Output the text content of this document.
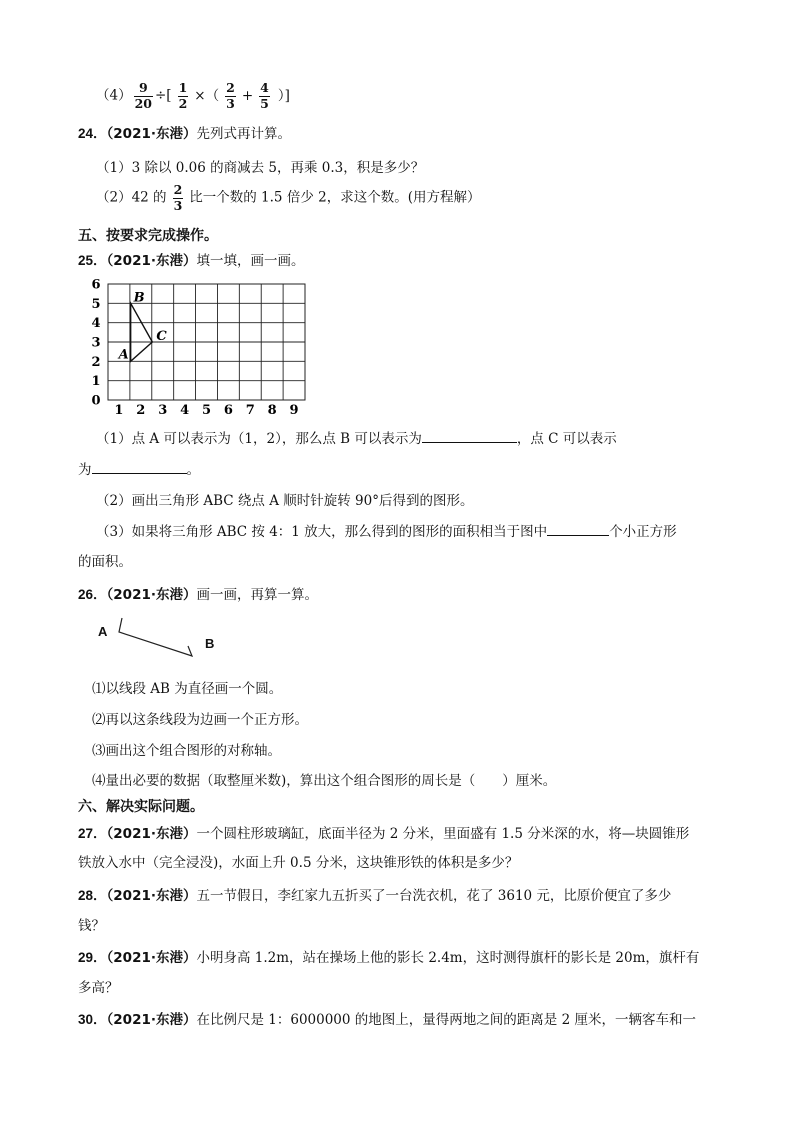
$(4) \frac{9}{20}$ ÷[ $\frac{1}{2}$ ×（ $\frac{2}{3} + \frac{4}{5}$ ）]
24．（2021·东港）先列式再计算。
（1）3 除以 0.06 的商减去 5，再乘 0.3，积是多少？
（2）42 的 $\frac{2}{3}$ 比一个数的 1.5 倍少 2，求这个数。(用方程解）
五、按要求完成操作。
25．（2021·东港）填一填，画一画。
6
5
4
3
2
1
0
1 2 3 4 5 6 7 8 9
A
B
C
（1）点 A 可以表示为（1，2），那么点 B 可以表示为	，点 C 可以表示
为	。
（2）画出三角形 ABC 绕点 A 顺时针旋转 90°后得到的图形。
（3）如果将三角形 ABC 按 4：1 放大，那么得到的图形的面积相当于图中	个小正方形
的面积。
26．（2021·东港）画一画，再算一算。
A
B
⑴以线段 AB 为直径画一个圆。
⑵再以这条线段为边画一个正方形。
⑶画出这个组合图形的对称轴。
⑷量出必要的数据（取整厘米数)，算出这个组合图形的周长是（　　）厘米。
六、解决实际问题。
27．（2021·东港）一个圆柱形玻璃缸，底面半径为 2 分米，里面盛有 1.5 分米深的水，将—块圆锥形
铁放入水中（完全浸没)，水面上升 0.5 分米，这块锥形铁的体积是多少？
28．（2021·东港）五一节假日，李红家九五折买了一台洗衣机，花了 3610 元，比原价便宜了多少
钱？
29．（2021·东港）小明身高 1.2m，站在操场上他的影长 2.4m，这时测得旗杆的影长是 20m，旗杆有
多高？
30．（2021·东港）在比例尺是 1：6000000 的地图上，量得两地之间的距离是 2 厘米，一辆客车和一
